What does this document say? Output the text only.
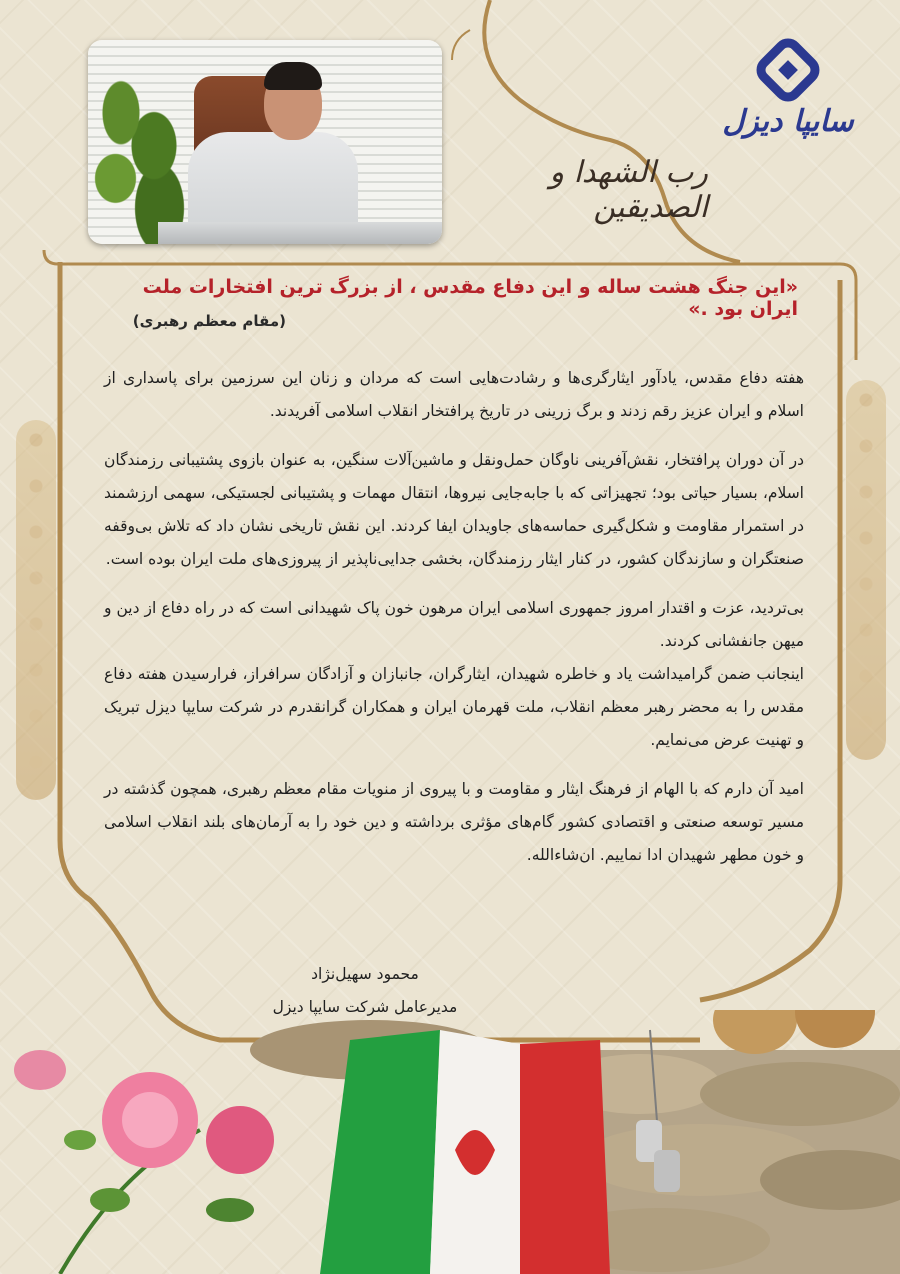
سایپا دیزل
رب الشهدا و الصدیقین

«این جنگ هشت ساله و این دفاع مقدس ، از بزرگ ترین افتخارات ملت ایران بود .»

(مقام معظم رهبری)

هفته دفاع مقدس، یادآور ایثارگری‌ها و رشادت‌هایی است که مردان و زنان این سرزمین برای پاسداری از اسلام و ایران عزیز رقم زدند و برگ زرینی در تاریخ پرافتخار انقلاب اسلامی آفریدند.

در آن دوران پرافتخار، نقش‌آفرینی ناوگان حمل‌ونقل و ماشین‌آلات سنگین، به عنوان بازوی پشتیبانی رزمندگان اسلام، بسیار حیاتی بود؛ تجهیزاتی که با جابه‌جایی نیروها، انتقال مهمات و پشتیبانی لجستیکی، سهمی ارزشمند در استمرار مقاومت و شکل‌گیری حماسه‌های جاویدان ایفا کردند. این نقش تاریخی نشان داد که تلاش بی‌وقفه صنعتگران و سازندگان کشور، در کنار ایثار رزمندگان، بخشی جدایی‌ناپذیر از پیروزی‌های ملت ایران بوده است.

بی‌تردید، عزت و اقتدار امروز جمهوری اسلامی ایران مرهون خون پاک شهیدانی است که در راه دفاع از دین و میهن جانفشانی کردند.
اینجانب ضمن گرامیداشت یاد و خاطره شهیدان، ایثارگران، جانبازان و آزادگان سرافراز، فرارسیدن هفته دفاع مقدس را به محضر رهبر معظم انقلاب، ملت قهرمان ایران و همکاران گرانقدرم در شرکت سایپا دیزل تبریک و تهنیت عرض می‌نمایم.

امید آن دارم که با الهام از فرهنگ ایثار و مقاومت و با پیروی از منویات مقام معظم رهبری، همچون گذشته در مسیر توسعه صنعتی و اقتصادی کشور گام‌های مؤثری برداشته و دین خود را به آرمان‌های بلند انقلاب اسلامی و خون مطهر شهیدان ادا نماییم. ان‌شاءالله.

محمود سهیل‌نژاد

مدیرعامل شرکت سایپا دیزل
